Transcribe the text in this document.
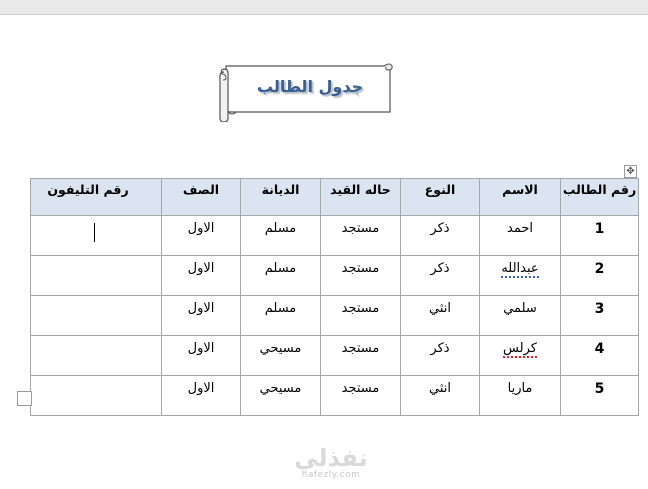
جدول الطالب
✥
رقم الطالب	الاسم	النوع	حاله القيد	الديانة	الصف	رقم التليفون
1	احمد	ذكر	مستجد	مسلم	الاول	
2	عبدالله	ذكر	مستجد	مسلم	الاول	
3	سلمي	انثي	مستجد	مسلم	الاول	
4	كرلس	ذكر	مستجد	مسيحي	الاول	
5	ماريا	انثي	مستجد	مسيحي	الاول	
نفذلي
nafezly.com
